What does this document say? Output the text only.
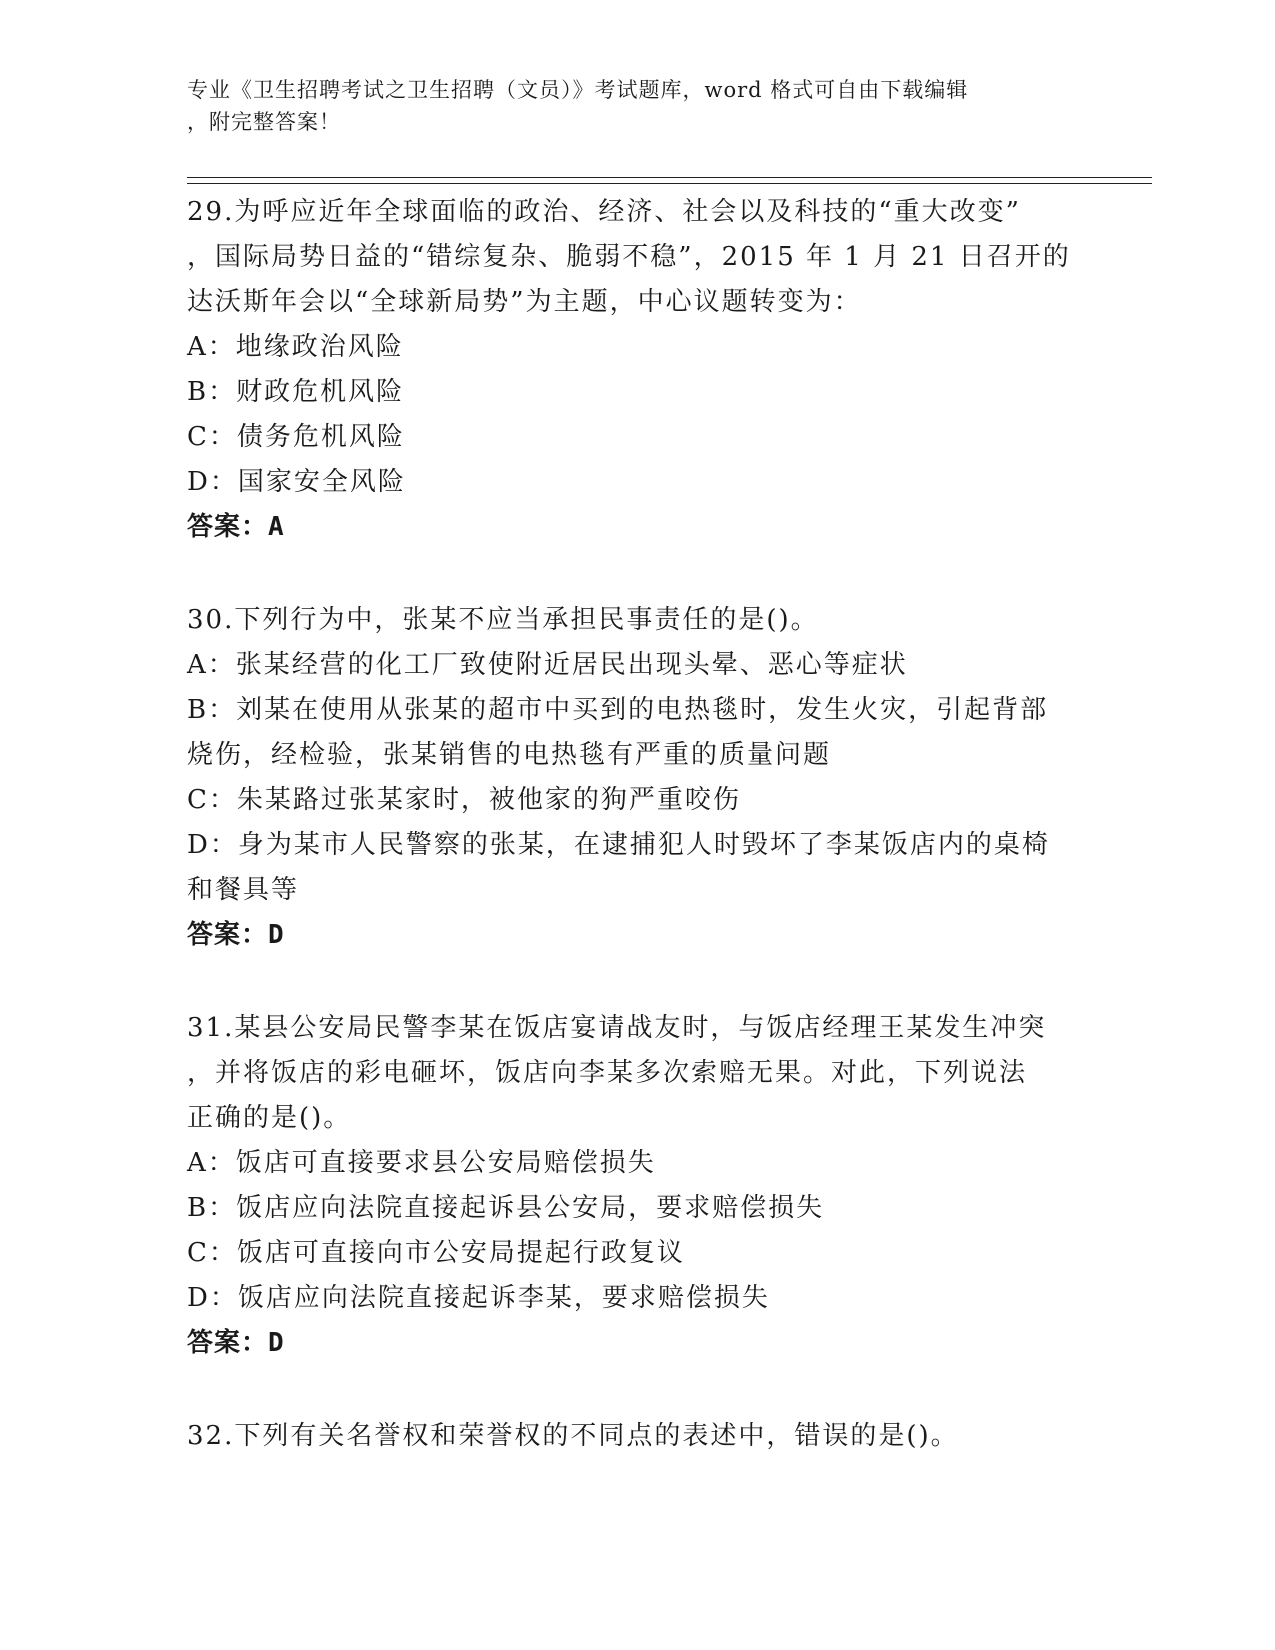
专业《卫生招聘考试之卫生招聘（文员）》考试题库，word 格式可自由下载编辑
，附完整答案！
29.为呼应近年全球面临的政治、经济、社会以及科技的“重大改变”
，国际局势日益的“错综复杂、脆弱不稳”，2015 年 1 月 21 日召开的
达沃斯年会以“全球新局势”为主题，中心议题转变为：
A：地缘政治风险
B：财政危机风险
C：债务危机风险
D：国家安全风险
答案：A
30.下列行为中，张某不应当承担民事责任的是()。
A：张某经营的化工厂致使附近居民出现头晕、恶心等症状
B：刘某在使用从张某的超市中买到的电热毯时，发生火灾，引起背部
烧伤，经检验，张某销售的电热毯有严重的质量问题
C：朱某路过张某家时，被他家的狗严重咬伤
D：身为某市人民警察的张某，在逮捕犯人时毁坏了李某饭店内的桌椅
和餐具等
答案：D
31.某县公安局民警李某在饭店宴请战友时，与饭店经理王某发生冲突
，并将饭店的彩电砸坏，饭店向李某多次索赔无果。对此，下列说法
正确的是()。
A：饭店可直接要求县公安局赔偿损失
B：饭店应向法院直接起诉县公安局，要求赔偿损失
C：饭店可直接向市公安局提起行政复议
D：饭店应向法院直接起诉李某，要求赔偿损失
答案：D
32.下列有关名誉权和荣誉权的不同点的表述中，错误的是()。
